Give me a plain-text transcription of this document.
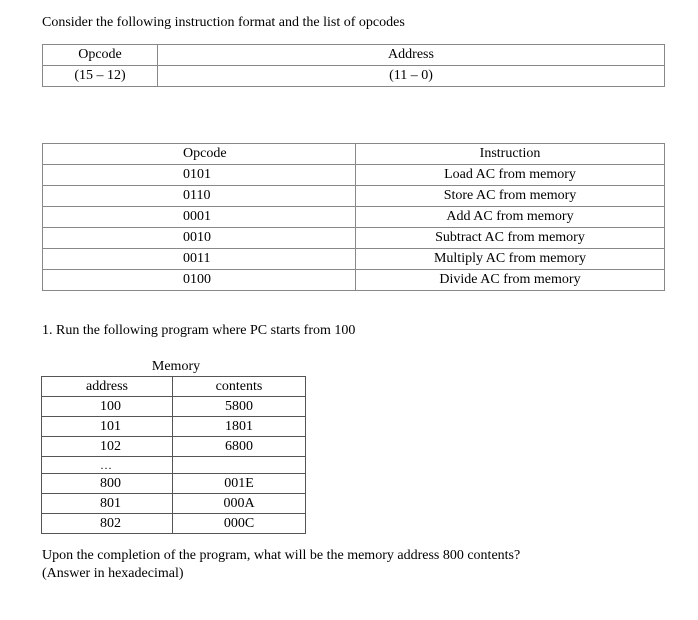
Consider the following instruction format and the list of opcodes
Opcode	Address
(15 – 12)	(11 – 0)
Opcode	Instruction
0101	Load AC from memory
0110	Store AC from memory
0001	Add AC from memory
0010	Subtract AC from memory
0011	Multiply AC from memory
0100	Divide AC from memory
1. Run the following program where PC starts from 100
Memory
address	contents
100	5800
101	1801
102	6800
…	
800	001E
801	000A
802	000C
Upon the completion of the program, what will be the memory address 800 contents?
(Answer in hexadecimal)
